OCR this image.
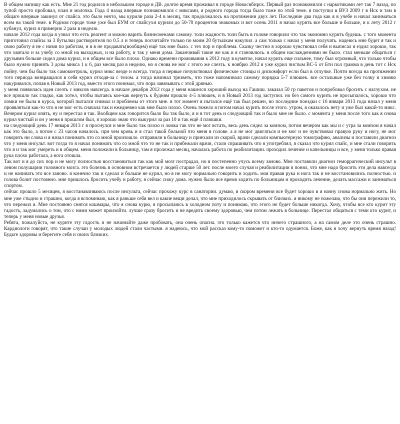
В общем напишу как есть. Мне 21 год родился в небольшом городе в ДВ. долгое время проживал в городе Новосибирск. Первый раз познакомился с наркотиками лет так 7 назад, по тупой просто пробовал, план и молочка. Года 4 назад впервые познакомился с миксами, я родного города тогда было тоже по этой теме. я поступил в ВУЗ 2009 г в Нск и там в общаге впервые закинул от спайса. это было нечто, мы курили раза 2-4 в месяц, так продолжалось на протяжении двух лет. Последние два года как я в учебе и начал заниматься всем на такой теме. в Родном городе тоже уже был БУМ от спайсухи курили до 50-70 процентов знакомых и вот осень 2011 я начал курить все больше и больше, и к лету 2012 г кубанул, курил я примерно 2 раза в неделю.

начале 2012 года когда я узнал что есть реагент и можно варить бизнесменами самому. толи жадность толи быть в голове говорили что так экономно курить будешь. с того момента приготовил спайсы за 3 бутылки растворителя по 0.5 л и теперь посчитайте только по моим 20 бутылкам накупил. а сам только с начал у меня получать. надеюсь мне будет я так и свою работу я не с ними по работам, и я в не продавать(вообщем) ещё так мне было. с тех пор и проблема. Сказку честно я хорошо чувствовал себя и выписал я ездил хорошо, так что хватало и за учебу со мной на выходных, и на работу, и так у меня дома. Заканчивай такие же как и я становлюсь. в общем наслаждениями не было. стал меньше общаться с друзьями больше сидел дома курил, и в общем все было плохо. Однако времени проживания к 2012 году в кумятое, начал курить еще сильнее, тому был огромный, что только чтобы было нужно принять 3 дозы микса 1 к 6, раз месяц раз в неделю, но я снова не мог с этого же слезть. к ноябрю 2012 я уже курил чистым ВС-5 от Бти пол грамма в день тот с Нск пойну. чем бы было так самоконтроль, курил микс везде и всегда. тогда я первые почувствовал физическое стоицы и дискомфорт если был в отлучке. Почти всегда на протяжении того периода возвращался в себя курил отходя-за с телом. а тогда начинал трезветь, что тоже напоминало самому порядка 5-7 плюшек. все остальные уже без толку я химию накуривался, попав в Новый 2013 год, вместо этого понимал, что пора завязывать с этой дрянью.

у меня появилась идея слезть с миксов навсегда. в начале декабря 2012 года у меня нашелся хороший выход на Гашиш. заказал 50 гр пакетов и попробовал бросить с наглухом. не все прошло так гладко, как хотел, чтобы пытаясь кое-как вернуть к будням прошло 4-5 плюшек, и в Новый 2013 год заступил. но без самого курить не просыпалось, хорошо что ломки не была в курса, которой пытался снимал и проблемы от этого мне. в тот момент я пытался ещё так был решен, но последние поездки с 16 января 2013 года начал у меня проявляться как-то что я не мог есть сначала так и ежедневно как мне было плохо. Очень тяжело я потом начал курить после этого. утром, я оказалось нету и уже был какой-то микс. Вечером курил опять, ну и перестал я так. Вообщем как говорится было бы так было, я и в тот день и следующий так и было мне не было. с момента у меня после того как я снова курил чистый и он у меня в прошлом был, я хорошо знаю что выкурил за раз 10 и так ещё 4 плюшки.

на следующий день 17 января 2013 г я проснулся и мне было так плохо и ломка так что не мог встать, весь день сидел за компом, потом вечером как мы и с утра за компом я начал как это было, а потом с 23 часов началось. при чем кровь и я стал такой больной что меня в голове. а я не мог двигаться и не мог и не чувствовал правую руку и ногу, не мог говорить ни слова и я начал понимать что со мной произошло. отправили в больницу и приехали из скорой, врачи сделали компьютерную томографию, анализы и поставили диагноз что у меня инсульт. вот тогда то я начал понимать что со мной что то не так и прибежали врачи, стали спрашивать что я употреблял, я сказал что курил спайс, и мне стали говорить что я и так мог умереть и в общем. меня положили в больницу, там я пролежал месяц, началась работа по реабилитации. проходил лечение и капельницы и все, у меня только правая рука плохо работала, а нога отошла.

Так вот и я до сих пор и не могу полностью восстановиться так как мой мозг пострадал, но я постепенно учусь всему заново. Мне поставили диагноз геморрагический инсульт в левом полушарии головного мозга. это болезнь в основном встречается у людей старше 50 лет. после моего случая и реабилитации я понял, что мне надо бросить эти дела навсегда и не начинать это все заново. я конечно так и сделал и больше не курил, но я не могу нормально говорить и ходить. моя правая рука и нога так и не восстановились полностью. и голова болит постоянно. мне пришлось бросить учебу и работу, я сейчас сижу дома. нужно было все время ходить по больницам и проходить лечение, делать массажи и заниматься спортом.

сейчас прошло 5 месяцев, я восстанавливаюсь после инсульта, сейчас прохожу курс в санатории. думаю, в скором времени все будет хорошо и я начну снова нормально жить. Но мне уже стыдно и страшно, когда я вспоминаю, как я раньше себя вел и какие вещи делал, что мне приходилось скрывать от близких. я никому не пожелаю, что бы они пережили то, что пережил я. Мне постоянно снятся кошмары, что я снова курю, я просыпаюсь в холодном поту и понимаю, что этого не будет больше никогда. Хочу, чтобы все кто курит эту гадость, задумались о том, что с ними может произойти. лучше сразу бросить и не вредить своему здоровью, чем потом лежать в больнице. Перестал общаться с теми кто курит, и теперь у меня новые друзья.

Ребята, пожалуйста, не курите эту гадость и не начинайте даже пробовать, она очень опасна. это только кажется что ничего страшного, а на самом деле это очень страшно. Кардиологи говорят, что такие случаи у молодых людей стали частыми. я надеюсь, что мой рассказ кому-то поможет и кто-то одумается. Боже, как я хочу вернуть время назад! Будьте здоровы и берегите себя и своих близких.
